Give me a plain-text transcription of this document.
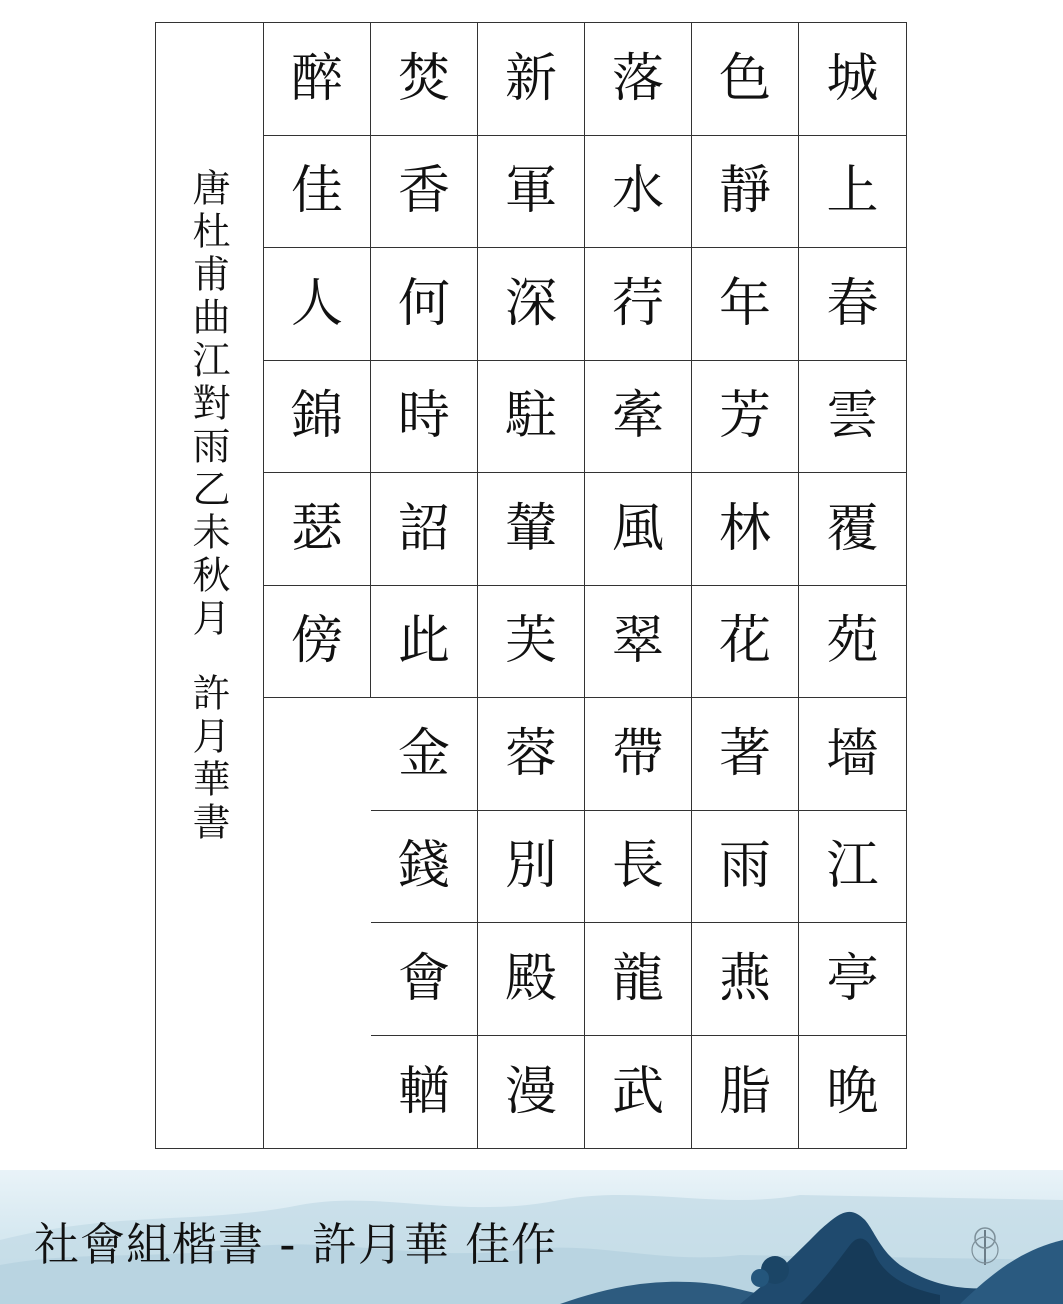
唐杜甫曲江對雨乙未秋月許月華書
城
上
春
雲
覆
苑
墻
江
亭
晚
色
靜
年
芳
林
花
著
雨
燕
脂
落
水
荇
牽
風
翠
帶
長
龍
武
新
軍
深
駐
輦
芙
蓉
別
殿
漫
焚
香
何
時
詔
此
金
錢
會
輶
醉
佳
人
錦
瑟
傍
社會組楷書 - 許月華 佳作
